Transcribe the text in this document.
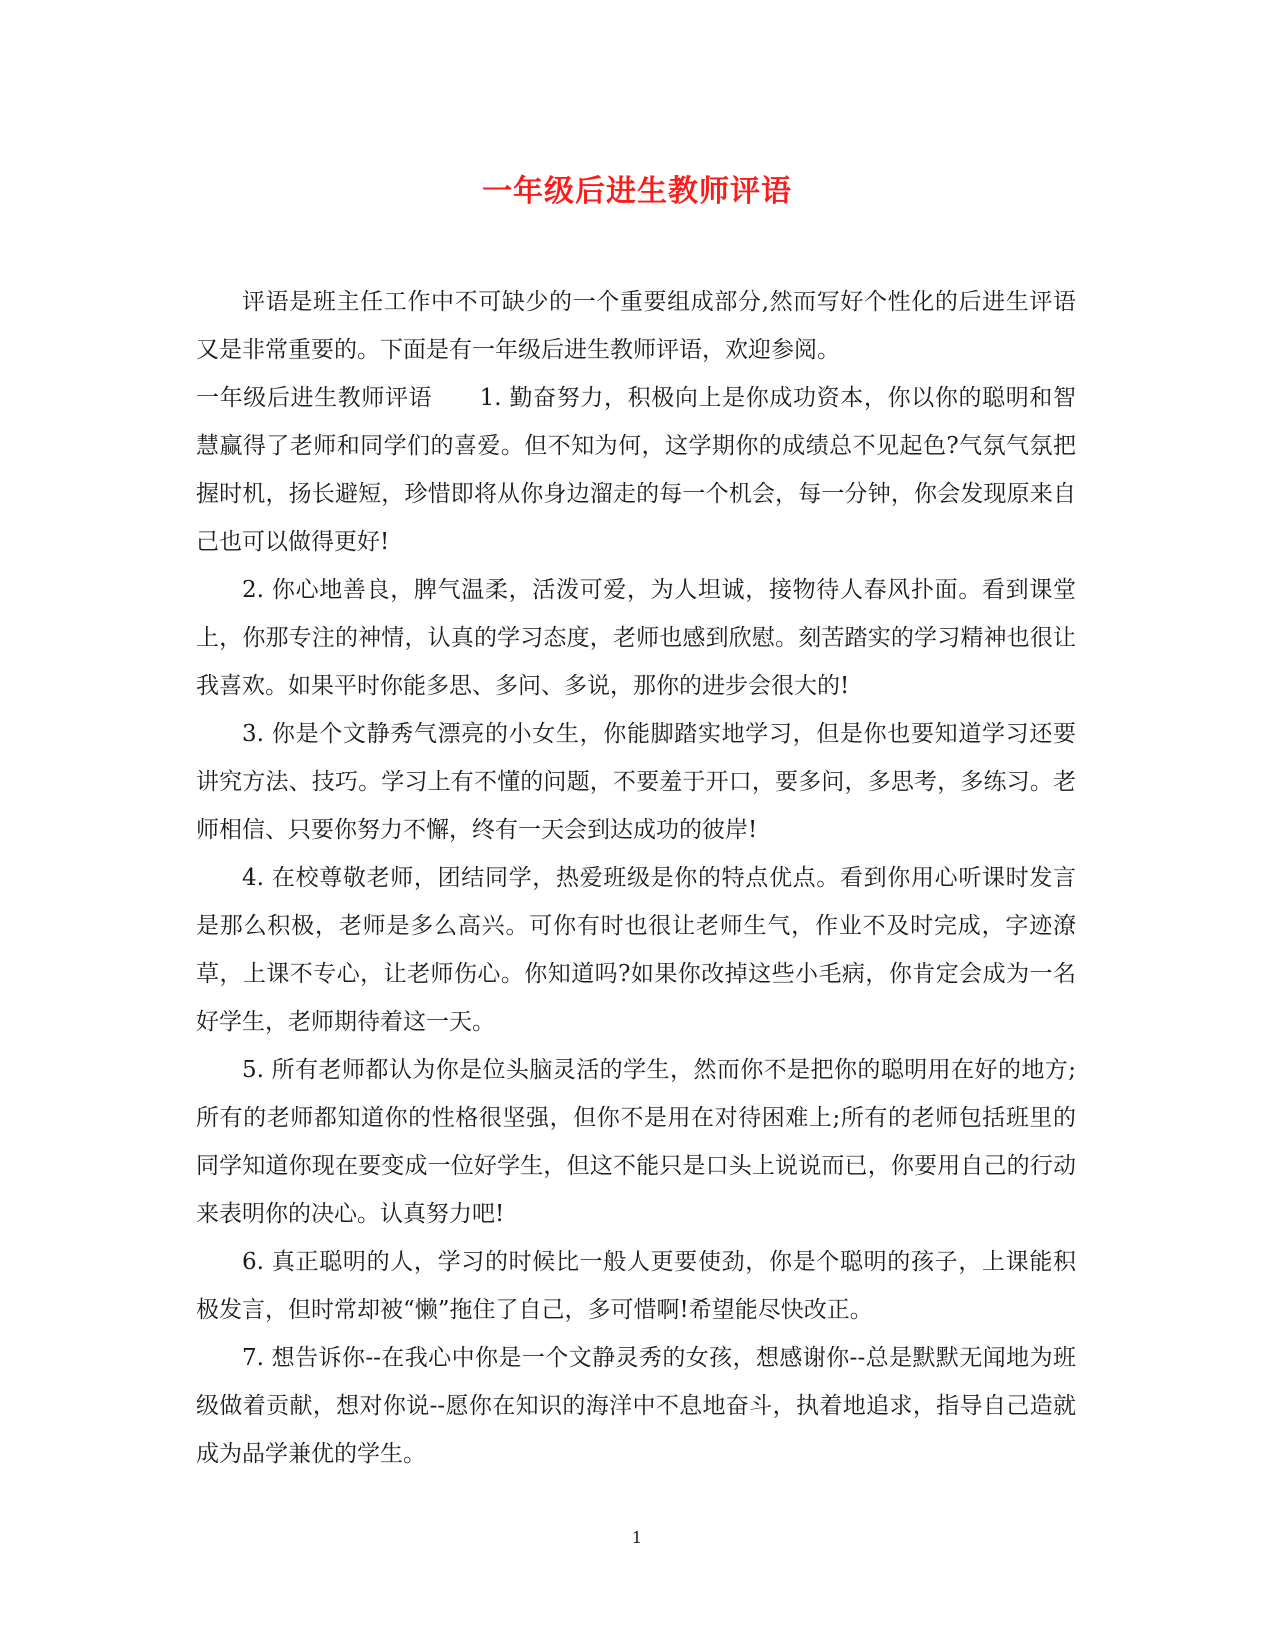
一年级后进生教师评语

评语是班主任工作中不可缺少的一个重要组成部分,然而写好个性化的后进生评语又是非常重要的。下面是有一年级后进生教师评语，欢迎参阅。

一年级后进生教师评语　　1. 勤奋努力，积极向上是你成功资本，你以你的聪明和智慧赢得了老师和同学们的喜爱。但不知为何，这学期你的成绩总不见起色?气氛气氛把握时机，扬长避短，珍惜即将从你身边溜走的每一个机会，每一分钟，你会发现原来自己也可以做得更好!

2. 你心地善良，脾气温柔，活泼可爱，为人坦诚，接物待人春风扑面。看到课堂上，你那专注的神情，认真的学习态度，老师也感到欣慰。刻苦踏实的学习精神也很让我喜欢。如果平时你能多思、多问、多说，那你的进步会很大的!

3. 你是个文静秀气漂亮的小女生，你能脚踏实地学习，但是你也要知道学习还要讲究方法、技巧。学习上有不懂的问题，不要羞于开口，要多问，多思考，多练习。老师相信、只要你努力不懈，终有一天会到达成功的彼岸!

4. 在校尊敬老师，团结同学，热爱班级是你的特点优点。看到你用心听课时发言是那么积极，老师是多么高兴。可你有时也很让老师生气，作业不及时完成，字迹潦草，上课不专心，让老师伤心。你知道吗?如果你改掉这些小毛病，你肯定会成为一名好学生，老师期待着这一天。

5. 所有老师都认为你是位头脑灵活的学生，然而你不是把你的聪明用在好的地方;所有的老师都知道你的性格很坚强，但你不是用在对待困难上;所有的老师包括班里的同学知道你现在要变成一位好学生，但这不能只是口头上说说而已，你要用自己的行动来表明你的决心。认真努力吧!

6. 真正聪明的人，学习的时候比一般人更要使劲，你是个聪明的孩子，上课能积极发言，但时常却被“懒”拖住了自己，多可惜啊!希望能尽快改正。

7. 想告诉你--在我心中你是一个文静灵秀的女孩，想感谢你--总是默默无闻地为班级做着贡献，想对你说--愿你在知识的海洋中不息地奋斗，执着地追求，指导自己造就成为品学兼优的学生。

1
